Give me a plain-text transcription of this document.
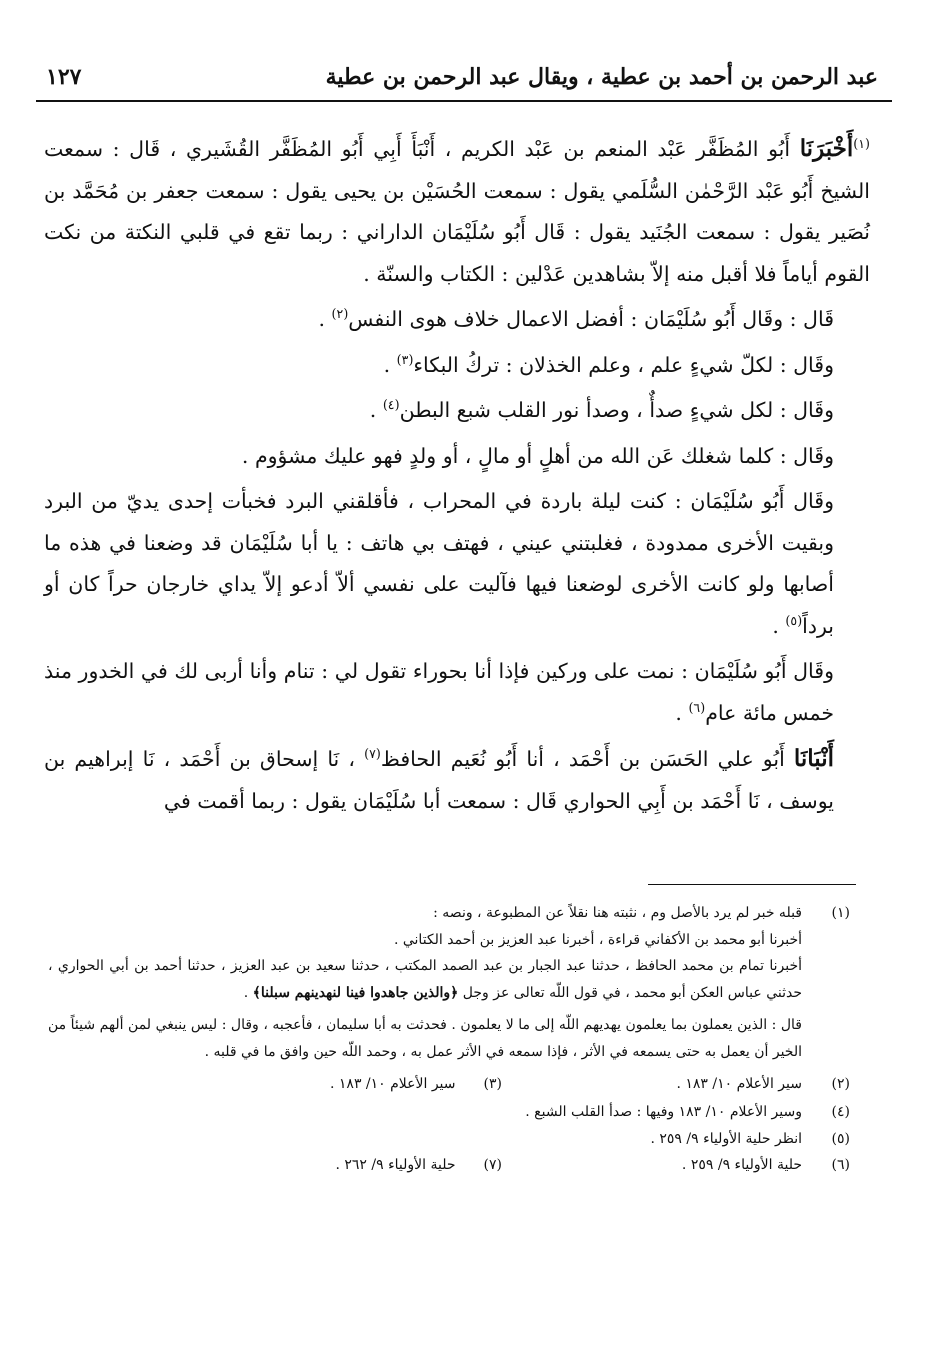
عبد الرحمن بن أحمد بن عطية ، ويقال عبد الرحمن بن عطية
١٢٧

$^{(١)}$أَخْبَرَنَا أَبُو المُظَفَّر عَبْد المنعم بن عَبْد الكريم ، أَنْبَأَ أَبِي أَبُو المُظَفَّر القُشَيري ، قَال : سمعت الشيخ أَبُو عَبْد الرَّحْمٰن السُّلَمي يقول : سمعت الحُسَيْن بن يحيى يقول : سمعت جعفر بن مُحَمَّد بن نُصَير يقول : سمعت الجُنَيد يقول : قَال أَبُو سُلَيْمَان الداراني : ربما تقع في قلبي النكتة من نكت القوم أياماً فلا أقبل منه إلاّ بشاهدين عَدْلين : الكتاب والسنّة .

قَال : وقَال أَبُو سُلَيْمَان : أفضل الاعمال خلاف هوى النفس$^{(٢)}$ .

وقَال : لكلّ شيءٍ علم ، وعلم الخذلان : تركُ البكاء$^{(٣)}$ .

وقَال : لكل شيءٍ صدأٌ ، وصدأ نور القلب شبع البطن$^{(٤)}$ .

وقَال : كلما شغلك عَن الله من أهلٍ أو مالٍ ، أو ولدٍ فهو عليك مشؤوم .

وقَال أَبُو سُلَيْمَان : كنت ليلة باردة في المحراب ، فأقلقني البرد فخبأت إحدى يديّ من البرد وبقيت الأخرى ممدودة ، فغلبتني عيني ، فهتف بي هاتف : يا أبا سُلَيْمَان قد وضعنا في هذه ما أصابها ولو كانت الأخرى لوضعنا فيها فآليت على نفسي ألاّ أدعو إلاّ يداي خارجان حراً كان أو برداً$^{(٥)}$ .

وقَال أَبُو سُلَيْمَان : نمت على وركين فإذا أنا بحوراء تقول لي : تنام وأنا أربى لك في الخدور منذ خمس مائة عام$^{(٦)}$ .

أَنْبَانَا أَبُو علي الحَسَن بن أَحْمَد ، أنا أَبُو نُعَيم الحافظ$^{(٧)}$ ، نَا إسحاق بن أَحْمَد ، نَا إبراهيم بن يوسف ، نَا أَحْمَد بن أَبِي الحواري قَال : سمعت أبا سُلَيْمَان يقول : ربما أقمت في

(١)
قبله خبر لم يرد بالأصل وم ، نثبته هنا نقلاً عن المطبوعة ، ونصه :
أخبرنا أبو محمد بن الأكفاني قراءة ، أخبرنا عبد العزيز بن أحمد الكتاني .
أخبرنا تمام بن محمد الحافظ ، حدثنا عبد الجبار بن عبد الصمد المكتب ، حدثنا سعيد بن عبد العزيز ، حدثنا أحمد بن أبي الحواري ، حدثني عباس العكن أبو محمد ، في قول اللّه تعالى عز وجل ﴿والذين جاهدوا فينا لنهدينهم سبلنا﴾ .
قال : الذين يعملون بما يعلمون يهديهم اللّه إلى ما لا يعلمون . فحدثت به أبا سليمان ، فأعجبه ، وقال : ليس ينبغي لمن ألهم شيئاً من الخير أن يعمل به حتى يسمعه في الأثر ، فإذا سمعه في الأثر عمل به ، وحمد اللّه حين وافق ما في قلبه .
(٢)
سير الأعلام ١٠/ ١٨٣ .
(٣)سير الأعلام ١٠/ ١٨٣ .
(٤)
وسير الأعلام ١٠/ ١٨٣ وفيها : صدأ القلب الشبع .
(٥)
انظر حلية الأولياء ٩/ ٢٥٩ .
(٦)
حلية الأولياء ٩/ ٢٥٩ .
(٧)حلية الأولياء ٩/ ٢٦٢ .
